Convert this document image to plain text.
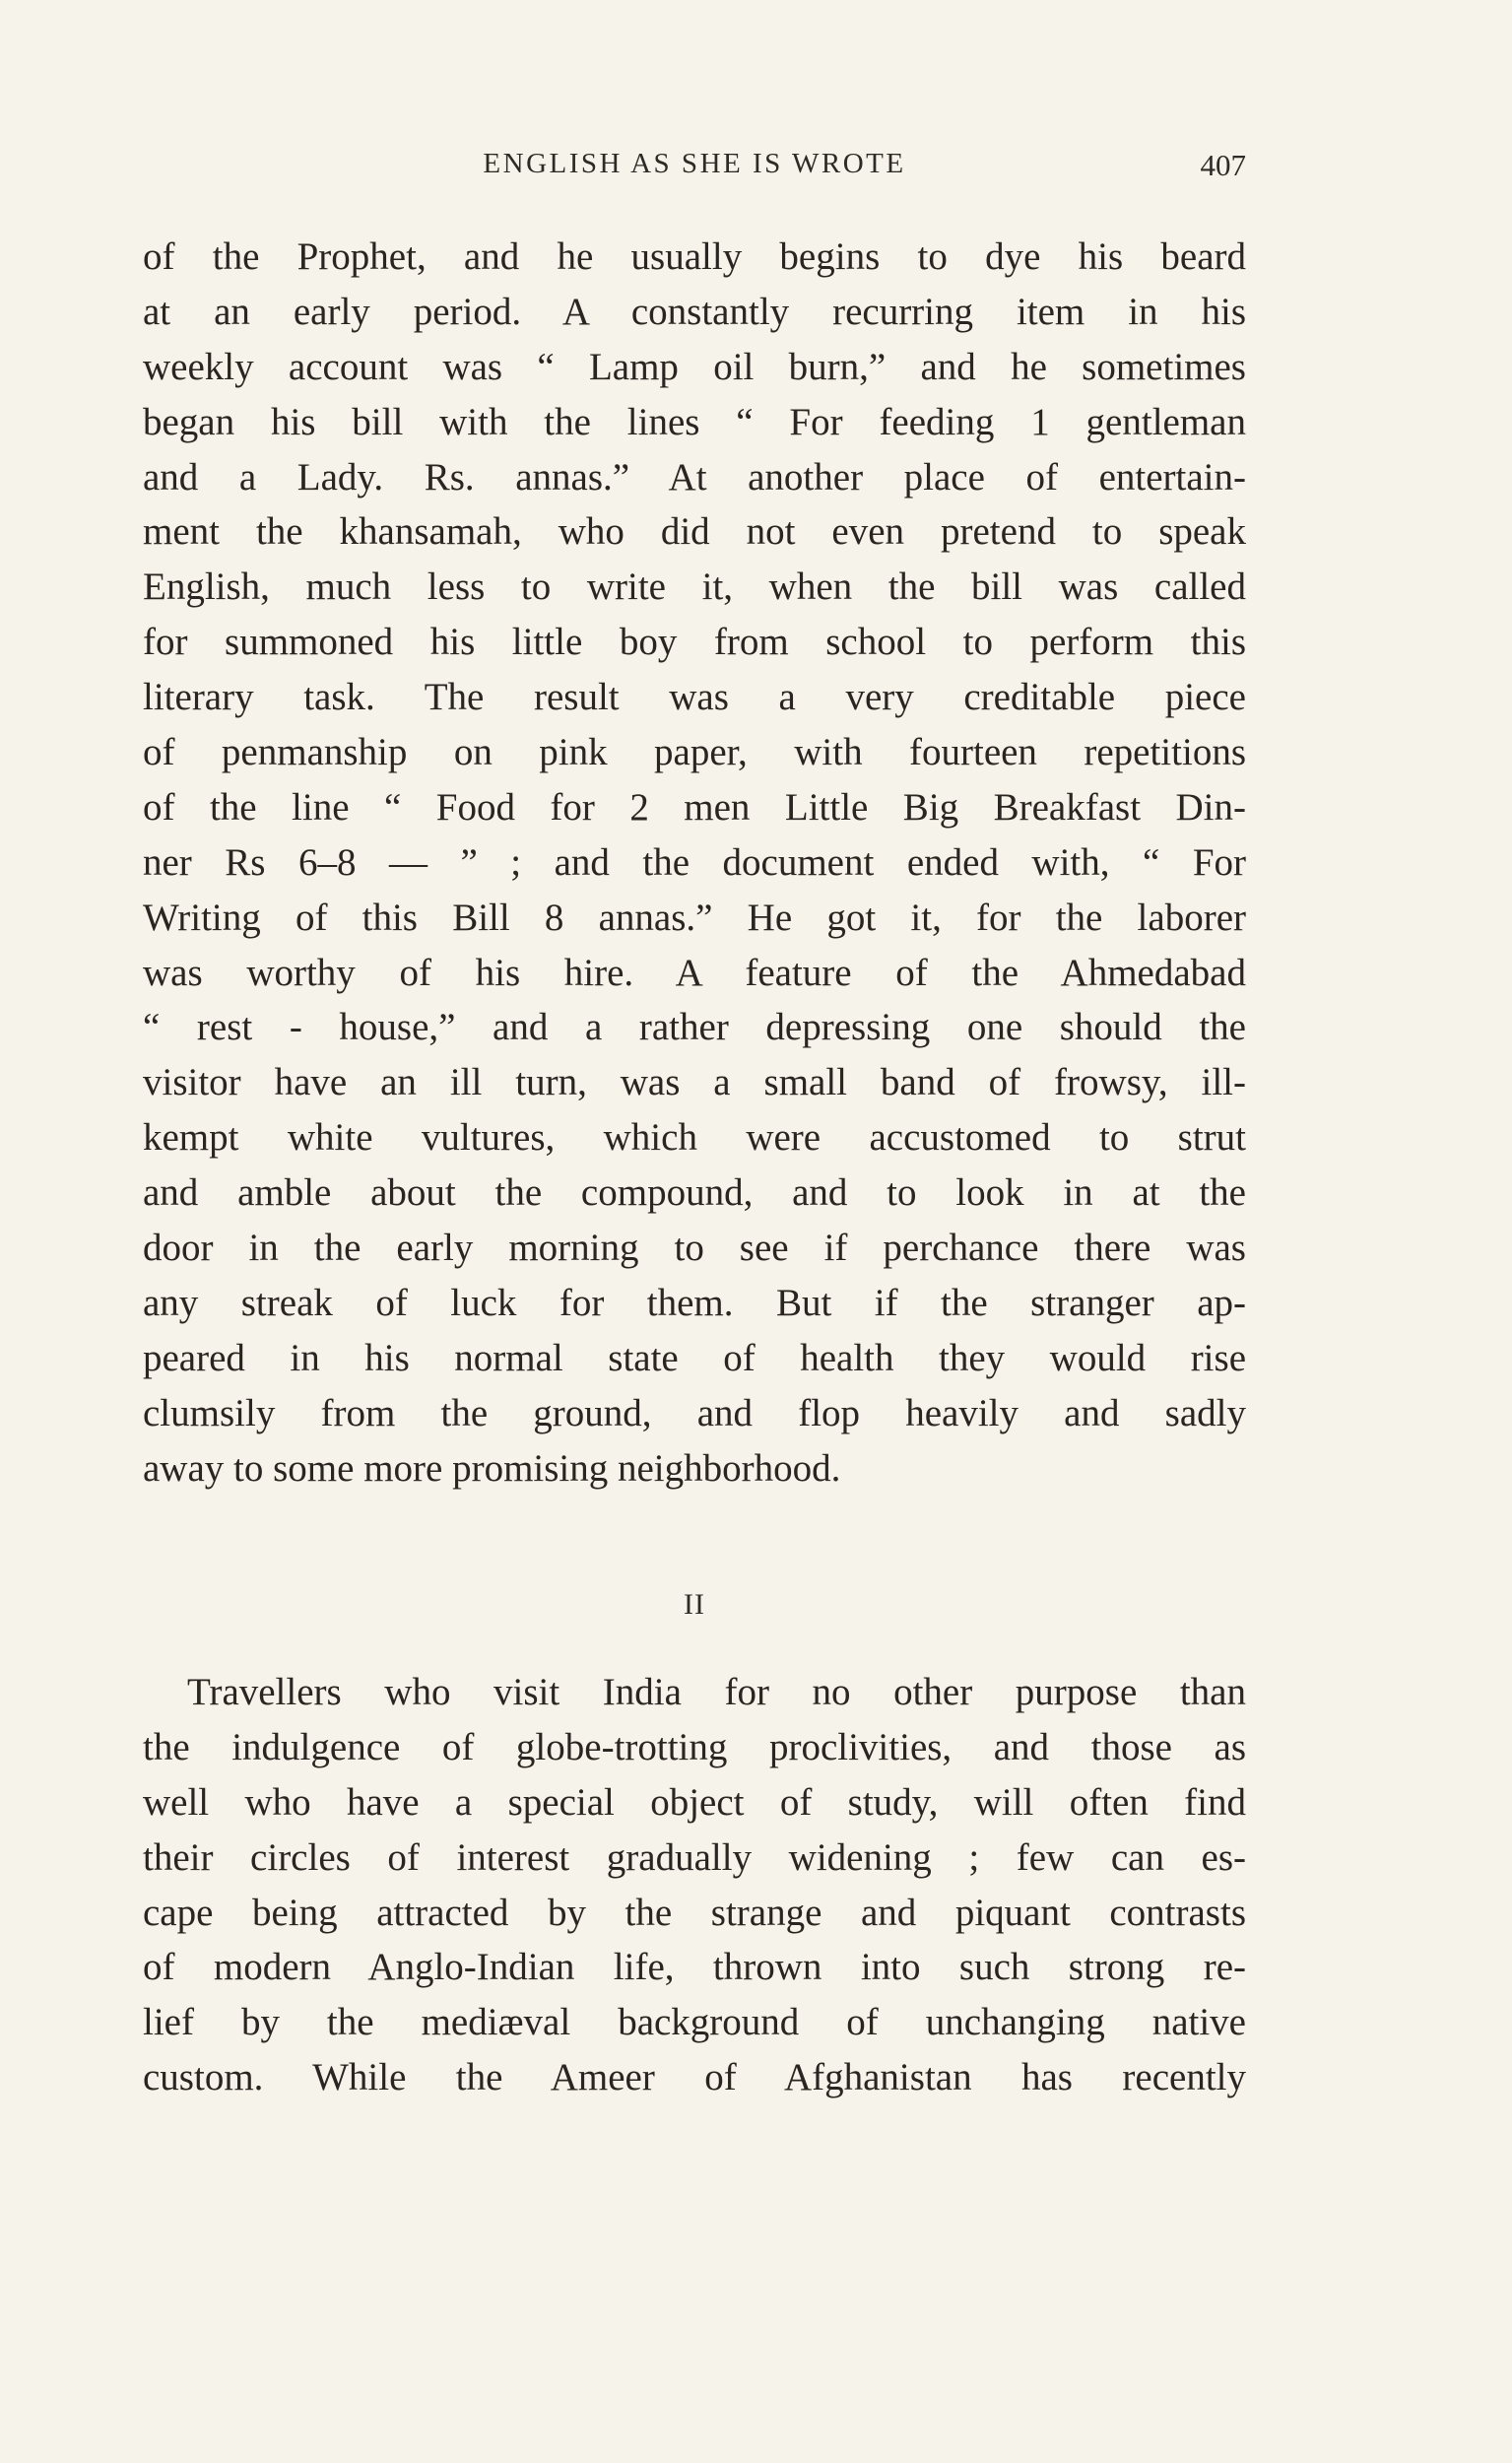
ENGLISH AS SHE IS WROTE	407
of the Prophet, and he usually begins to dye his beard
at an early period. A constantly recurring item in his
weekly account was “ Lamp oil burn,” and he sometimes
began his bill with the lines “ For feeding 1 gentleman
and a Lady. Rs. annas.” At another place of entertain-
ment the khansamah, who did not even pretend to speak
English, much less to write it, when the bill was called
for summoned his little boy from school to perform this
literary task. The result was a very creditable piece
of penmanship on pink paper, with fourteen repetitions
of the line “ Food for 2 men Little Big Breakfast Din-
ner Rs 6–8 — ” ; and the document ended with, “ For
Writing of this Bill 8 annas.” He got it, for the laborer
was worthy of his hire. A feature of the Ahmedabad
“ rest - house,” and a rather depressing one should the
visitor have an ill turn, was a small band of frowsy, ill-
kempt white vultures, which were accustomed to strut
and amble about the compound, and to look in at the
door in the early morning to see if perchance there was
any streak of luck for them. But if the stranger ap-
peared in his normal state of health they would rise
clumsily from the ground, and flop heavily and sadly
away to some more promising neighborhood.
II
Travellers who visit India for no other purpose than
the indulgence of globe-trotting proclivities, and those as
well who have a special object of study, will often find
their circles of interest gradually widening ; few can es-
cape being attracted by the strange and piquant contrasts
of modern Anglo-Indian life, thrown into such strong re-
lief by the mediæval background of unchanging native
custom. While the Ameer of Afghanistan has recently
